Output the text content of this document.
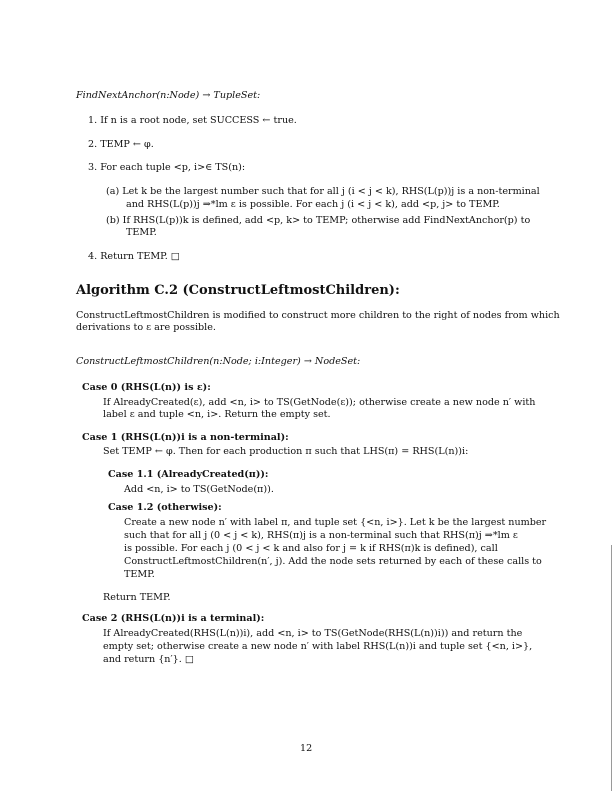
FindNextAnchor(n:Node) → TupleSet:
1. If n is a root node, set SUCCESS ← true.
2. TEMP ← φ.
3. For each tuple <p, i>∈ TS(n):
(a) Let k be the largest number such that for all j (i < j < k), RHS(L(p))j is a non-terminal
and RHS(L(p))j ⇒*lm ε is possible. For each j (i < j < k), add <p, j> to TEMP.
(b) If RHS(L(p))k is defined, add <p, k> to TEMP; otherwise add FindNextAnchor(p) to
TEMP.
4. Return TEMP. □
Algorithm C.2 (ConstructLeftmostChildren):
ConstructLeftmostChildren is modified to construct more children to the right of nodes from which
derivations to ε are possible.
ConstructLeftmostChildren(n:Node; i:Integer) → NodeSet:
Case 0 (RHS(L(n)) is ε):
If AlreadyCreated(ε), add <n, i> to TS(GetNode(ε)); otherwise create a new node n′ with
label ε and tuple <n, i>. Return the empty set.
Case 1 (RHS(L(n))i is a non-terminal):
Set TEMP ← φ. Then for each production π such that LHS(π) = RHS(L(n))i:
Case 1.1 (AlreadyCreated(π)):
Add <n, i> to TS(GetNode(π)).
Case 1.2 (otherwise):
Create a new node n′ with label π, and tuple set {<n, i>}. Let k be the largest number
such that for all j (0 < j < k), RHS(π)j is a non-terminal such that RHS(π)j ⇒*lm ε
is possible. For each j (0 < j < k and also for j = k if RHS(π)k is defined), call
ConstructLeftmostChildren(n′, j). Add the node sets returned by each of these calls to
TEMP.
Return TEMP.
Case 2 (RHS(L(n))i is a terminal):
If AlreadyCreated(RHS(L(n))i), add <n, i> to TS(GetNode(RHS(L(n))i)) and return the
empty set; otherwise create a new node n′ with label RHS(L(n))i and tuple set {<n, i>},
and return {n′}. □
12
